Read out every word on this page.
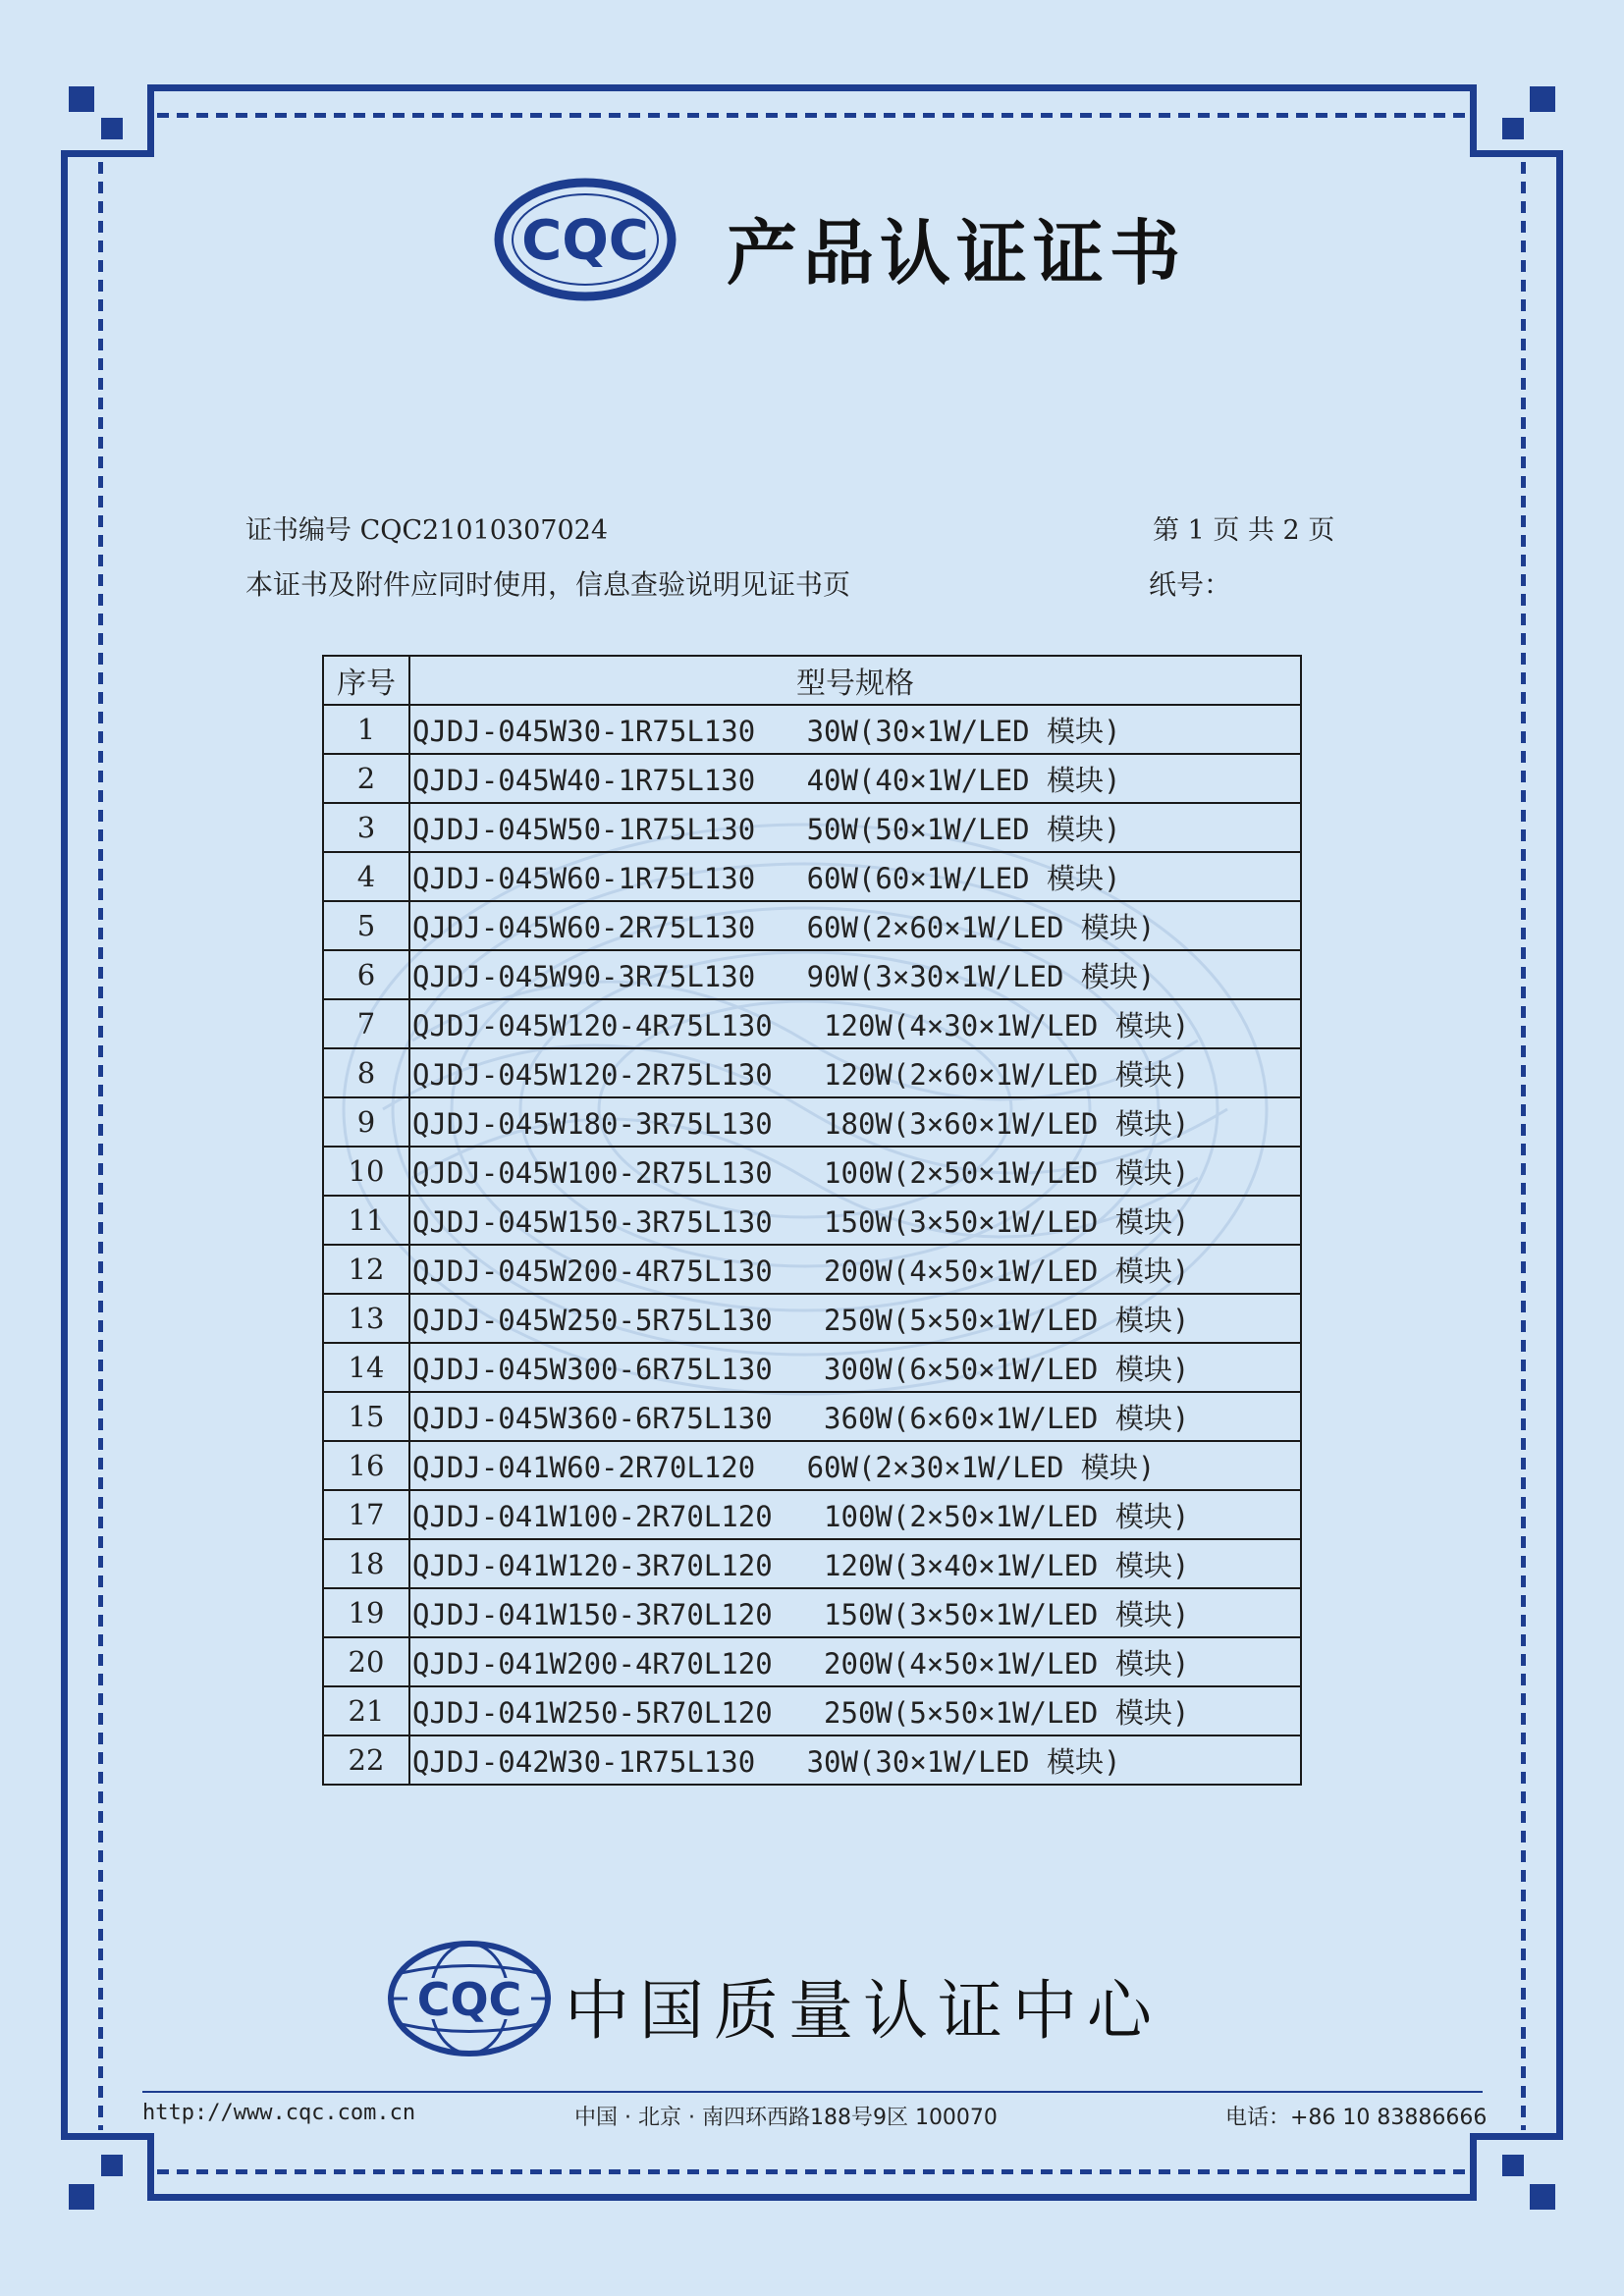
CQC 产品认证证书
证书编号 CQC21010307024	第 1 页 共 2 页
本证书及附件应同时使用，信息查验说明见证书页	纸号：
序号	型号规格
1	QJDJ-045W30-1R75L130   30W(30×1W/LED 模块)
2	QJDJ-045W40-1R75L130   40W(40×1W/LED 模块)
3	QJDJ-045W50-1R75L130   50W(50×1W/LED 模块)
4	QJDJ-045W60-1R75L130   60W(60×1W/LED 模块)
5	QJDJ-045W60-2R75L130   60W(2×60×1W/LED 模块)
6	QJDJ-045W90-3R75L130   90W(3×30×1W/LED 模块)
7	QJDJ-045W120-4R75L130   120W(4×30×1W/LED 模块)
8	QJDJ-045W120-2R75L130   120W(2×60×1W/LED 模块)
9	QJDJ-045W180-3R75L130   180W(3×60×1W/LED 模块)
10	QJDJ-045W100-2R75L130   100W(2×50×1W/LED 模块)
11	QJDJ-045W150-3R75L130   150W(3×50×1W/LED 模块)
12	QJDJ-045W200-4R75L130   200W(4×50×1W/LED 模块)
13	QJDJ-045W250-5R75L130   250W(5×50×1W/LED 模块)
14	QJDJ-045W300-6R75L130   300W(6×50×1W/LED 模块)
15	QJDJ-045W360-6R75L130   360W(6×60×1W/LED 模块)
16	QJDJ-041W60-2R70L120   60W(2×30×1W/LED 模块)
17	QJDJ-041W100-2R70L120   100W(2×50×1W/LED 模块)
18	QJDJ-041W120-3R70L120   120W(3×40×1W/LED 模块)
19	QJDJ-041W150-3R70L120   150W(3×50×1W/LED 模块)
20	QJDJ-041W200-4R70L120   200W(4×50×1W/LED 模块)
21	QJDJ-041W250-5R70L120   250W(5×50×1W/LED 模块)
22	QJDJ-042W30-1R75L130   30W(30×1W/LED 模块)
CQC 中国质量认证中心
http://www.cqc.com.cn	中国 · 北京 · 南四环西路188号9区 100070	电话：+86 10 83886666
